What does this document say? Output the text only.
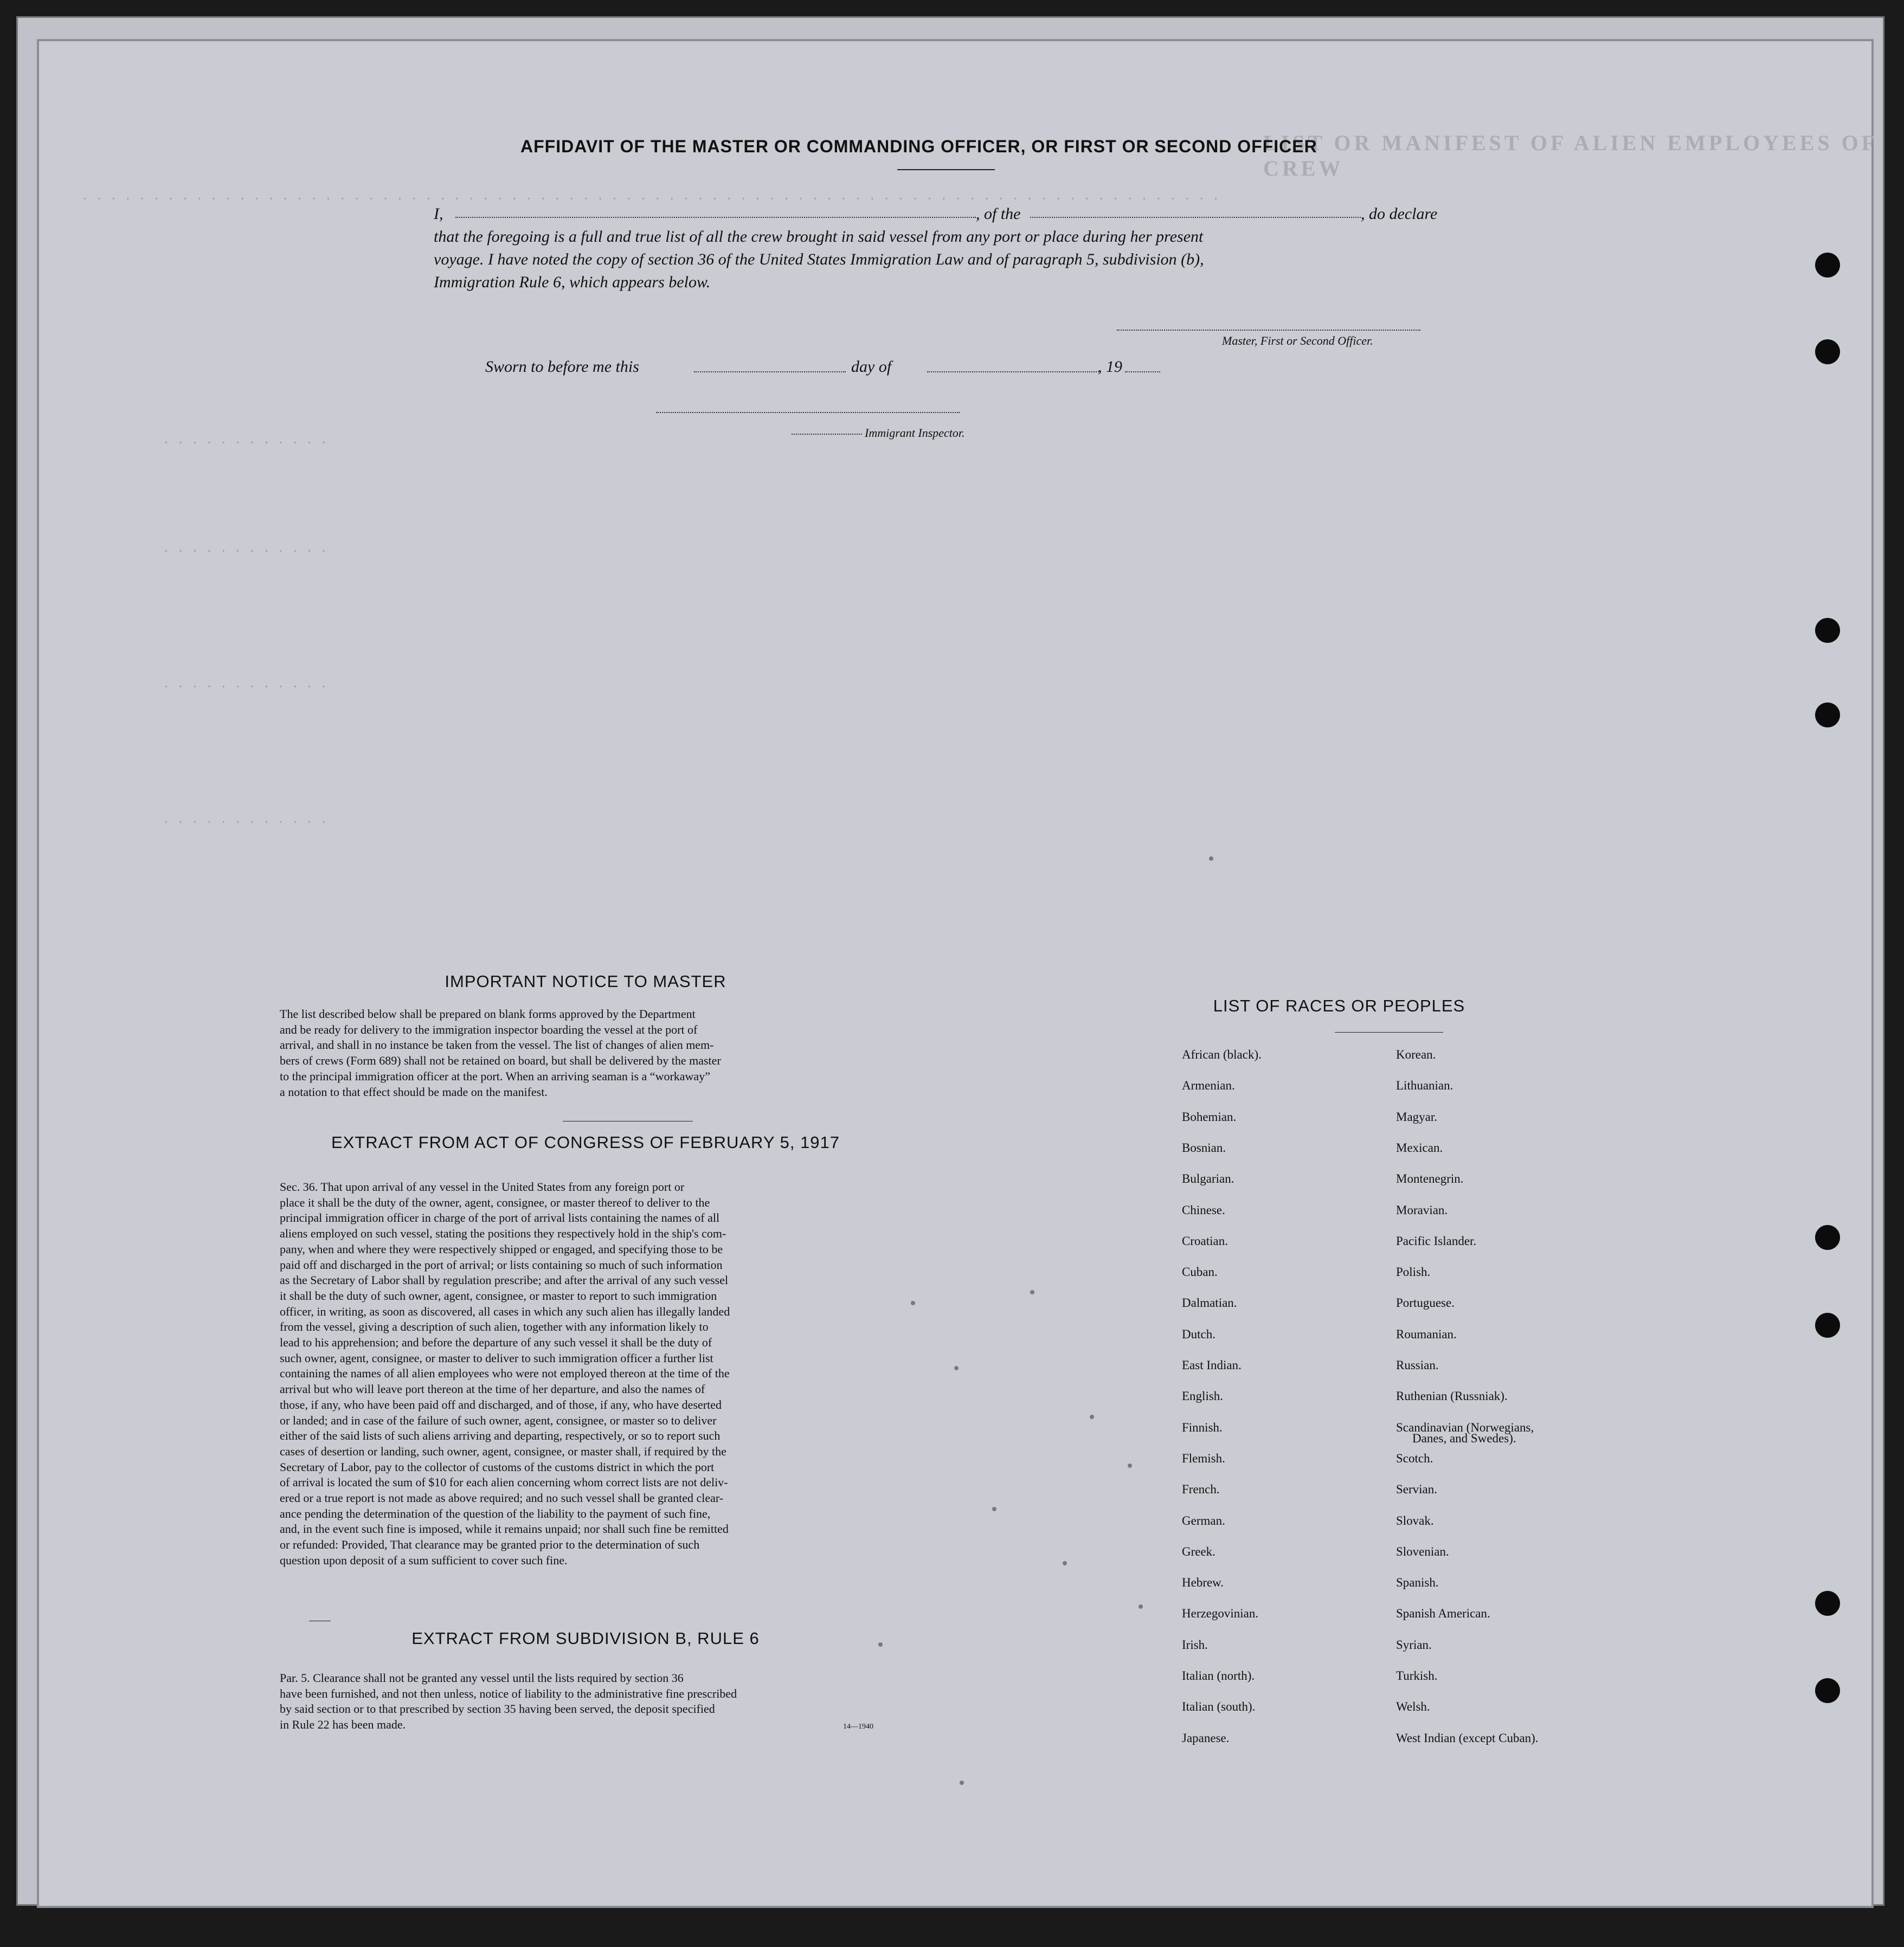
LIST OR MANIFEST OF ALIEN EMPLOYEES OF CREW
. . . . . . . . . . . . . . . . . . . . . . . . . . . . . . . . . . . . . . . . . . . . . . . . . . . . . . . . . . . . . . . . . . . . . . . . . . . . . . . .
. . . . . . . . . . . .
. . . . . . . . . . . .
. . . . . . . . . . . .
. . . . . . . . . . . .
AFFIDAVIT OF THE MASTER OR COMMANDING OFFICER, OR FIRST OR SECOND OFFICER
I,	, of the	, do declare
that the foregoing is a full and true list of all the crew brought in said vessel from any port or place during her present
voyage. I have noted the copy of section 36 of the United States Immigration Law and of paragraph 5, subdivision (b),
Immigration Rule 6, which appears below.
Master, First or Second Officer.
Sworn to before me this	day of	, 19
Immigrant Inspector.
IMPORTANT NOTICE TO MASTER
The list described below shall be prepared on blank forms approved by the Department
and be ready for delivery to the immigration inspector boarding the vessel at the port of
arrival, and shall in no instance be taken from the vessel. The list of changes of alien mem-
bers of crews (Form 689) shall not be retained on board, but shall be delivered by the master
to the principal immigration officer at the port. When an arriving seaman is a “workaway”
a notation to that effect should be made on the manifest.
EXTRACT FROM ACT OF CONGRESS OF FEBRUARY 5, 1917
Sec. 36. That upon arrival of any vessel in the United States from any foreign port or
place it shall be the duty of the owner, agent, consignee, or master thereof to deliver to the
principal immigration officer in charge of the port of arrival lists containing the names of all
aliens employed on such vessel, stating the positions they respectively hold in the ship's com-
pany, when and where they were respectively shipped or engaged, and specifying those to be
paid off and discharged in the port of arrival; or lists containing so much of such information
as the Secretary of Labor shall by regulation prescribe; and after the arrival of any such vessel
it shall be the duty of such owner, agent, consignee, or master to report to such immigration
officer, in writing, as soon as discovered, all cases in which any such alien has illegally landed
from the vessel, giving a description of such alien, together with any information likely to
lead to his apprehension; and before the departure of any such vessel it shall be the duty of
such owner, agent, consignee, or master to deliver to such immigration officer a further list
containing the names of all alien employees who were not employed thereon at the time of the
arrival but who will leave port thereon at the time of her departure, and also the names of
those, if any, who have been paid off and discharged, and of those, if any, who have deserted
or landed; and in case of the failure of such owner, agent, consignee, or master so to deliver
either of the said lists of such aliens arriving and departing, respectively, or so to report such
cases of desertion or landing, such owner, agent, consignee, or master shall, if required by the
Secretary of Labor, pay to the collector of customs of the customs district in which the port
of arrival is located the sum of $10 for each alien concerning whom correct lists are not deliv-
ered or a true report is not made as above required; and no such vessel shall be granted clear-
ance pending the determination of the question of the liability to the payment of such fine,
and, in the event such fine is imposed, while it remains unpaid; nor shall such fine be remitted
or refunded: Provided, That clearance may be granted prior to the determination of such
question upon deposit of a sum sufficient to cover such fine.
EXTRACT FROM SUBDIVISION B, RULE 6
Par. 5. Clearance shall not be granted any vessel until the lists required by section 36
have been furnished, and not then unless, notice of liability to the administrative fine prescribed
by said section or to that prescribed by section 35 having been served, the deposit specified
in Rule 22 has been made.	14—1940
LIST OF RACES OR PEOPLES
African (black).
Armenian.
Bohemian.
Bosnian.
Bulgarian.
Chinese.
Croatian.
Cuban.
Dalmatian.
Dutch.
East Indian.
English.
Finnish.
Flemish.
French.
German.
Greek.
Hebrew.
Herzegovinian.
Irish.
Italian (north).
Italian (south).
Japanese.
Korean.
Lithuanian.
Magyar.
Mexican.
Montenegrin.
Moravian.
Pacific Islander.
Polish.
Portuguese.
Roumanian.
Russian.
Ruthenian (Russniak).
Scandinavian (Norwegians,
Scotch.
Servian.
Slovak.
Slovenian.
Spanish.
Spanish American.
Syrian.
Turkish.
Welsh.
West Indian (except Cuban).
Danes, and Swedes).
